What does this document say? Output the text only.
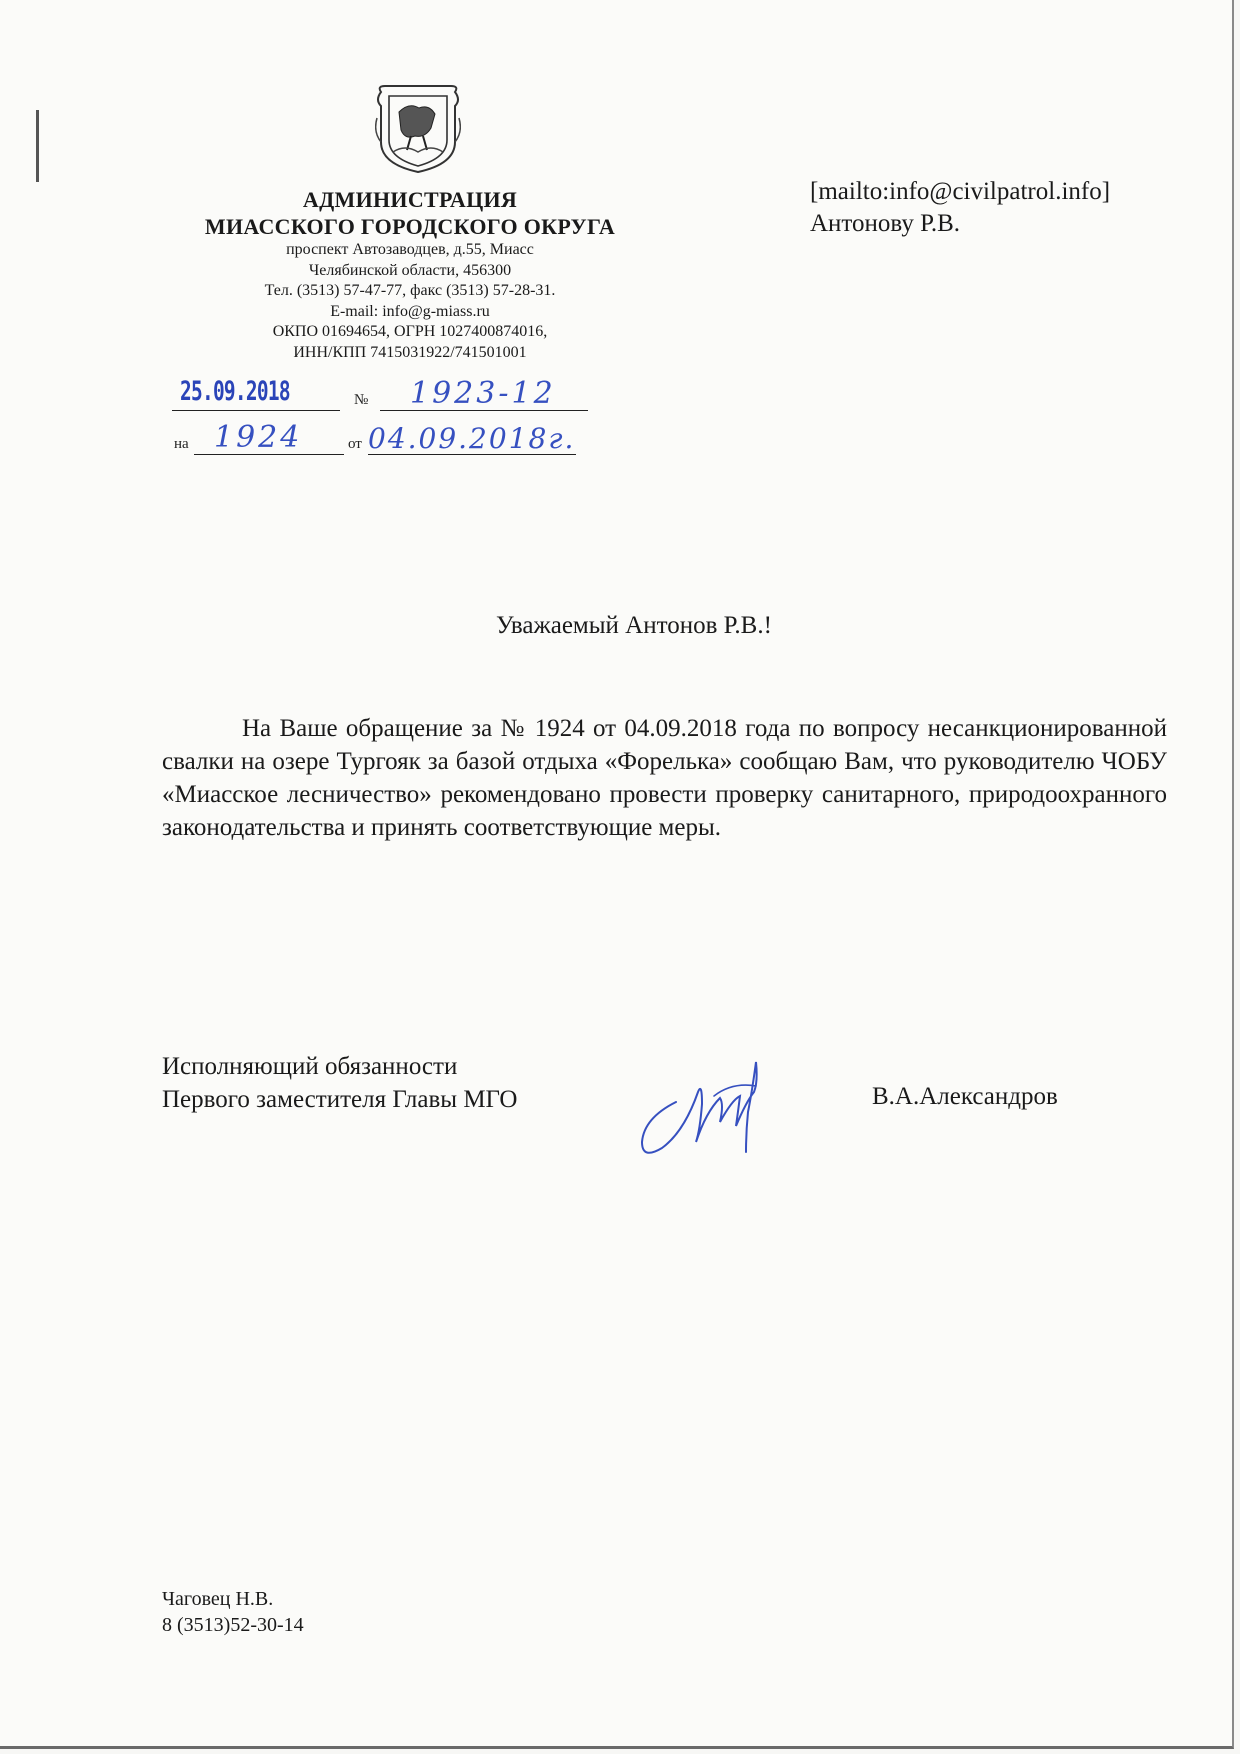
АДМИНИСТРАЦИЯ
МИАССКОГО ГОРОДСКОГО ОКРУГА
проспект Автозаводцев, д.55, Миасс
Челябинской области, 456300
Тел. (3513) 57-47-77, факс (3513) 57-28-31.
E-mail: info@g-miass.ru
ОКПО 01694654, ОГРН 1027400874016,
ИНН/КПП 7415031922/741501001
[mailto:info@civilpatrol.info]
Антонову Р.В.
25.09.2018	№ 1923-12
на 1924	от 04.09.2018г.
Уважаемый Антонов Р.В.!
На Ваше обращение за № 1924 от 04.09.2018 года по вопросу несанкционированной свалки на озере Тургояк за базой отдыха «Форелька» сообщаю Вам, что руководителю ЧОБУ «Миасское лесничество» рекомендовано провести проверку санитарного, природоохранного законодательства и принять соответствующие меры.
Исполняющий обязанности
Первого заместителя Главы МГО	В.А.Александров
Чаговец Н.В.
8 (3513)52-30-14
